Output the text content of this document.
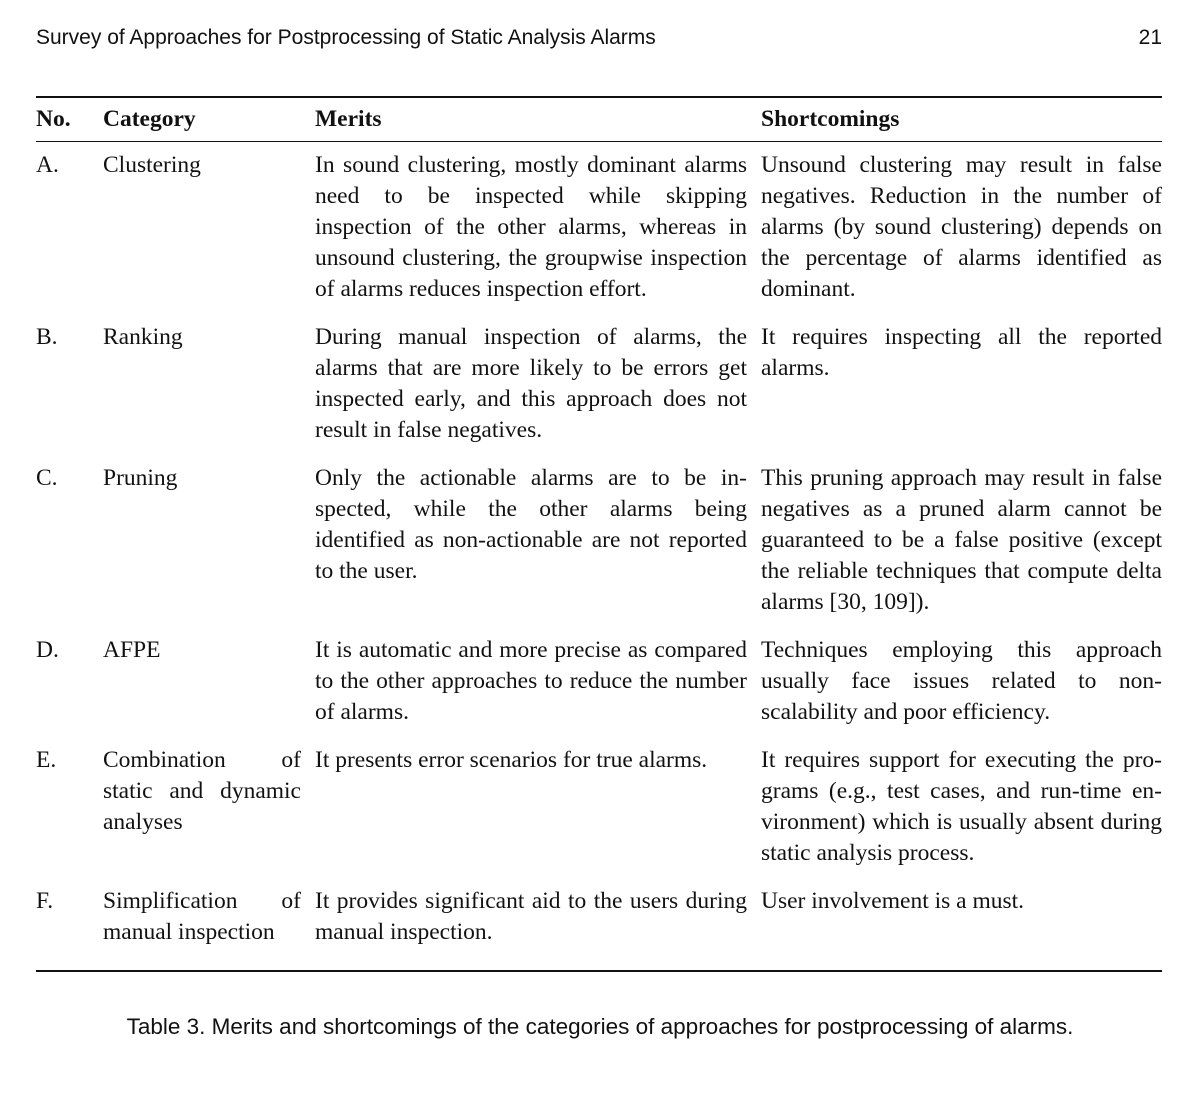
Survey of Approaches for Postprocessing of Static Analysis Alarms	21
No.	Category	Merits	Shortcomings
A.	Clustering	In sound clustering, mostly dominant alarms need to be inspected while skipping inspection of the other alarms, whereas in unsound clustering, the groupwise inspection of alarms reduces inspection effort.	Unsound clustering may result in false negatives. Reduction in the number of alarms (by sound clustering) depends on the percentage of alarms identified as dominant.
B.	Ranking	During manual inspection of alarms, the alarms that are more likely to be errors get inspected early, and this approach does not result in false negatives.	It requires inspecting all the reported alarms.
C.	Pruning	Only the actionable alarms are to be inspected, while the other alarms being identified as non-actionable are not reported to the user.	This pruning approach may result in false negatives as a pruned alarm cannot be guaranteed to be a false positive (except the reliable techniques that compute delta alarms [30, 109]).
D.	AFPE	It is automatic and more precise as compared to the other approaches to reduce the number of alarms.	Techniques employing this approach usually face issues related to non-scalability and poor efficiency.
E.	Combination of static and dynamic analyses	It presents error scenarios for true alarms.	It requires support for executing the programs (e.g., test cases, and run-time environment) which is usually absent during static analysis process.
F.	Simplification of manual inspection	It provides significant aid to the users during manual inspection.	User involvement is a must.
Table 3. Merits and shortcomings of the categories of approaches for postprocessing of alarms.
